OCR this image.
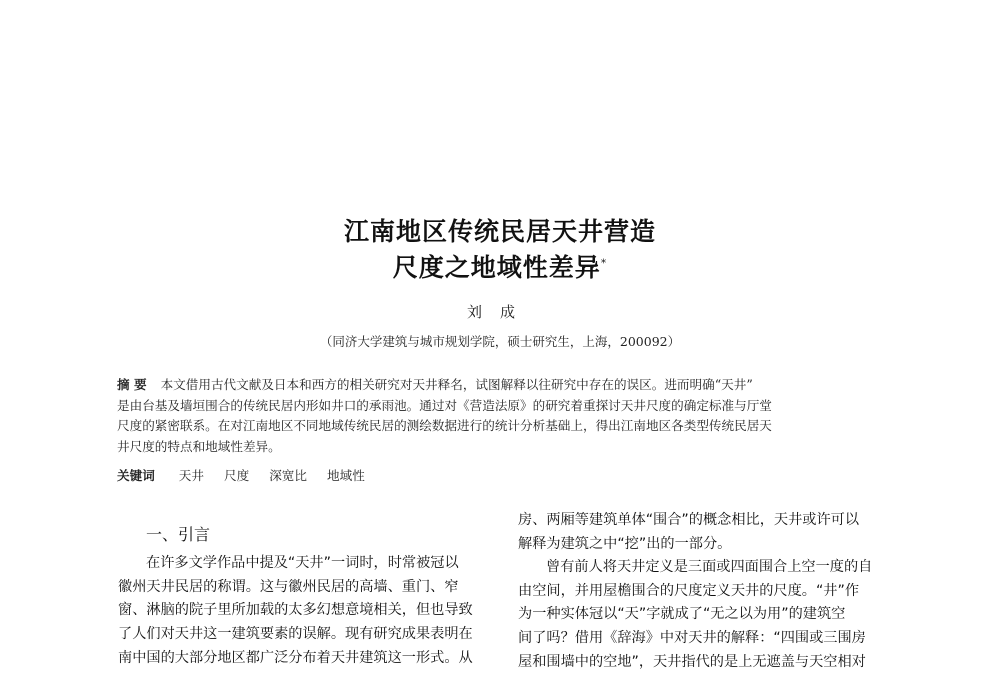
江南地区传统民居天井营造
尺度之地域性差异*
刘成
（同济大学建筑与城市规划学院，硕士研究生，上海，200092）
摘 要 本文借用古代文献及日本和西方的相关研究对天井释名，试图解释以往研究中存在的误区。进而明确“天井”
是由台基及墙垣围合的传统民居内形如井口的承雨池。通过对《营造法原》的研究着重探讨天井尺度的确定标准与厅堂
尺度的紧密联系。在对江南地区不同地域传统民居的测绘数据进行的统计分析基础上，得出江南地区各类型传统民居天
井尺度的特点和地域性差异。
关键词 天井 尺度 深宽比 地域性
一、引言
在许多文学作品中提及“天井”一词时，时常被冠以
徽州天井民居的称谓。这与徽州民居的高墙、重门、窄
窗、淋脑的院子里所加载的太多幻想意境相关，但也导致
了人们对天井这一建筑要素的误解。现有研究成果表明在
南中国的大部分地区都广泛分布着天井建筑这一形式。从
房、两厢等建筑单体“围合”的概念相比，天井或许可以
解释为建筑之中“挖”出的一部分。
曾有前人将天井定义是三面或四面围合上空一度的自
由空间，并用屋檐围合的尺度定义天井的尺度。“井”作
为一种实体冠以“天”字就成了“无之以为用”的建筑空
间了吗？借用《辞海》中对天井的解释：“四围或三围房
屋和围墙中的空地”，天井指代的是上无遮盖与天空相对
